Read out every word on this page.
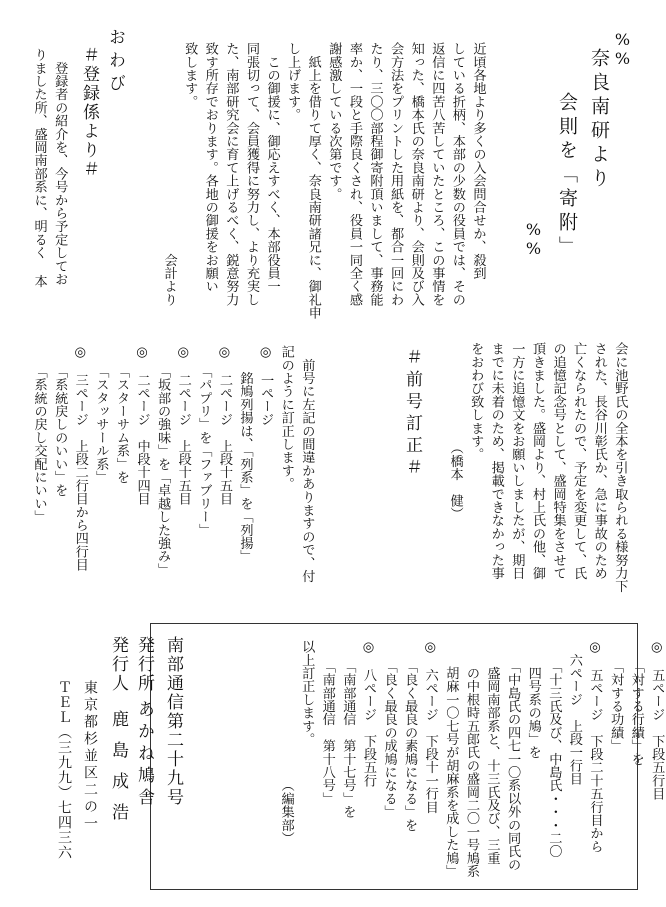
%%
奈良南研より
会則を「寄附」
%%
近頃各地より多くの入会問合せか、殺到
している折柄、本部の少数の役員では、その
返信に四苦八苦していたところ、この事情を
知った、橋本氏の奈良南研より、会則及び入
会方法をプリントした用紙を、都合一回にわ
たり、三〇〇部程御寄附頂いまして、事務能
率か、一段と手際良くされ、役員一同全く感
謝感激している次第です。
　紙上を借りて厚く、奈良南研諸兄に、御礼申
し上げます。
　この御援に、御応えすべく、本部役員一
同張切って、会員獲得に努力し、より充実し
た、南部研究会に育て上げるべく、鋭意努力
致す所存でおります。各地の御援をお願い
致します。
　　　　　　　　　　　　　　　　会計より
おわび
＃登録係より＃
　登録者の紹介を、今号から予定してお
りました所、盛岡南部系に、明るく 本
会に池野氏の全本を引き取られる様努力下
された、長谷川彰氏か、急に事故のため
亡くなられたので、予定を変更して、氏
の追憶記念号として、盛岡特集をさせて
頂きました。盛岡より、村上氏の他、御
一方に追憶文をお願いしましたが、期日
までに未着のため、掲載できなかった事
をおわび致します。
　　　　　　　　（橋本　健）
＃前号訂正＃
　前号に左記の間違かありますので、付
記のように訂正します。
◎　一ページ
　　銘鳩列揚は、「列系」を「列揚」
◎　二ページ　上段十五目
　　「パプリ」を「ファブリー」
◎　二ページ　上段十五目
　　「坂部の強味」を「卓越した強み」
◎　二ページ　中段十四目
　　「スターサム系」を
　　「スタッサール系」
◎　三ページ　上段二行目から四行目
　　「系統戻しのいい」を
　　「系統の戻し交配にいい」
◎　五ページ　下段五行目
　　「対する行績」を
　　「対する功績」
◎　五ページ　下段二十五行目から
　六ページ　上段一行目
　　「十三氏及び、中島氏・・・二〇
　　四号系の鳩」を
　　「中島氏の四七一〇系以外の同氏の
　　盛岡南部系と、十三氏及び、三重
　　の中根時五郎氏の盛岡二〇一号鳩系
　　胡麻一〇七号が胡麻系を成した鳩」
◎　六ページ　下段十一行目
　　「良く最良の素鳩になる」を
　　「良く最良の成鳩になる」
◎　八ページ　下段五行
　　「南部通信　第十七号」を
　　「南部通信　第十八号」
以上訂正します。
　　　　　　　　　　　（編集部）
南部通信第二十九号
発行所
あかね鳩舎
発行人
鹿島成浩
東京都杉並区二の一
ＴＥＬ（三九九）七四三六
